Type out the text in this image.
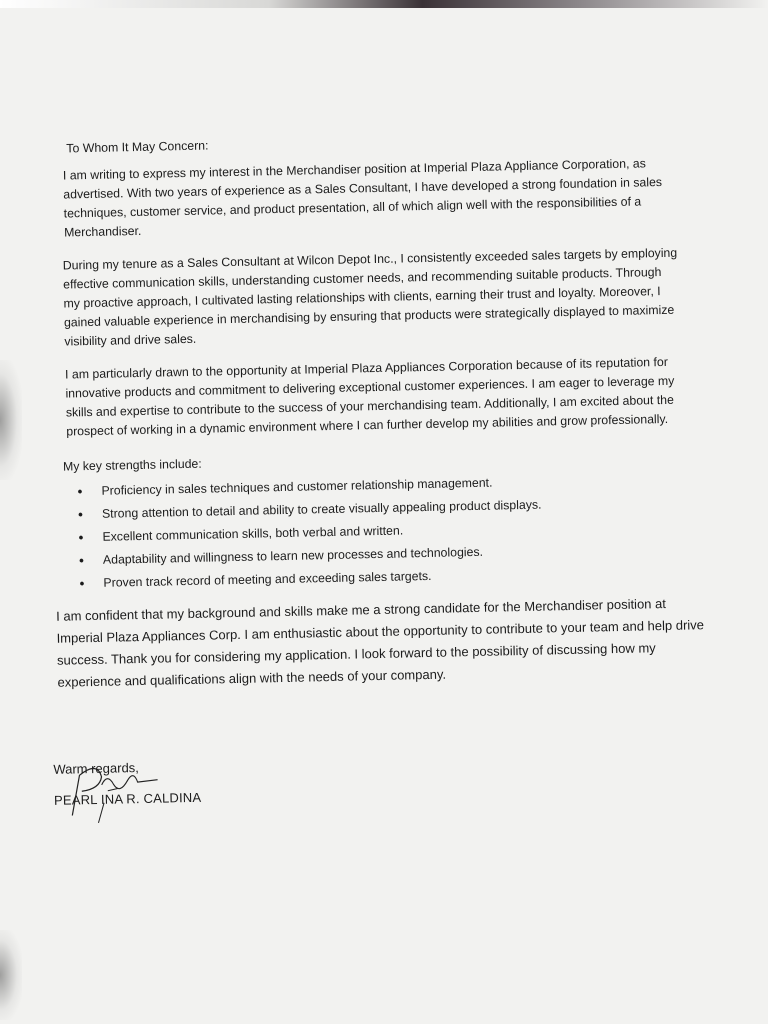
To Whom It May Concern:

I am writing to express my interest in the Merchandiser position at Imperial Plaza Appliance Corporation, as advertised. With two years of experience as a Sales Consultant, I have developed a strong foundation in sales techniques, customer service, and product presentation, all of which align well with the responsibilities of a Merchandiser.

During my tenure as a Sales Consultant at Wilcon Depot Inc., I consistently exceeded sales targets by employing effective communication skills, understanding customer needs, and recommending suitable products. Through my proactive approach, I cultivated lasting relationships with clients, earning their trust and loyalty. Moreover, I gained valuable experience in merchandising by ensuring that products were strategically displayed to maximize visibility and drive sales.

I am particularly drawn to the opportunity at Imperial Plaza Appliances Corporation because of its reputation for innovative products and commitment to delivering exceptional customer experiences. I am eager to leverage my skills and expertise to contribute to the success of your merchandising team. Additionally, I am excited about the prospect of working in a dynamic environment where I can further develop my abilities and grow professionally.

My key strengths include:
• Proficiency in sales techniques and customer relationship management.
• Strong attention to detail and ability to create visually appealing product displays.
• Excellent communication skills, both verbal and written.
• Adaptability and willingness to learn new processes and technologies.
• Proven track record of meeting and exceeding sales targets.

I am confident that my background and skills make me a strong candidate for the Merchandiser position at Imperial Plaza Appliances Corp. I am enthusiastic about the opportunity to contribute to your team and help drive success. Thank you for considering my application. I look forward to the possibility of discussing how my experience and qualifications align with the needs of your company.

Warm regards,
PEARL INA R. CALDINA
